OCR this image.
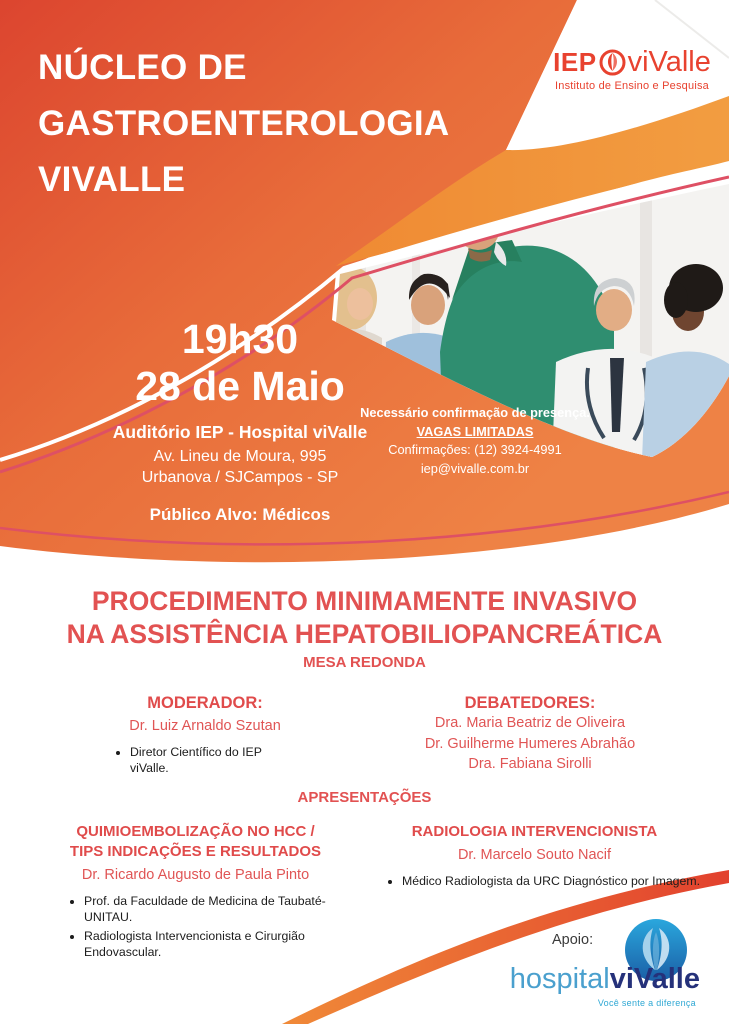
NÚCLEO DE
GASTROENTEROLOGIA
VIVALLE
IEP viValle
Instituto de Ensino e Pesquisa
19h30
28 de Maio
Auditório IEP - Hospital viValle
Av. Lineu de Moura, 995
Urbanova / SJCampos - SP
Público Alvo: Médicos
Necessário confirmação de presença.
VAGAS LIMITADAS
Confirmações: (12) 3924-4991
iep@vivalle.com.br
PROCEDIMENTO MINIMAMENTE INVASIVO
NA ASSISTÊNCIA HEPATOBILIOPANCREÁTICA
MESA REDONDA
MODERADOR:
Dr. Luiz Arnaldo Szutan
• Diretor Científico do IEP viValle.
DEBATEDORES:
Dra. Maria Beatriz de Oliveira
Dr. Guilherme Humeres Abrahão
Dra. Fabiana Sirolli
APRESENTAÇÕES
QUIMIOEMBOLIZAÇÃO NO HCC /
TIPS INDICAÇÕES E RESULTADOS
Dr. Ricardo Augusto de Paula Pinto
• Prof. da Faculdade de Medicina de Taubaté-UNITAU.
• Radiologista Intervencionista e Cirurgião Endovascular.
RADIOLOGIA INTERVENCIONISTA
Dr. Marcelo Souto Nacif
• Médico Radiologista da URC Diagnóstico por Imagem.
Apoio:
hospitalviValle
Você sente a diferença
